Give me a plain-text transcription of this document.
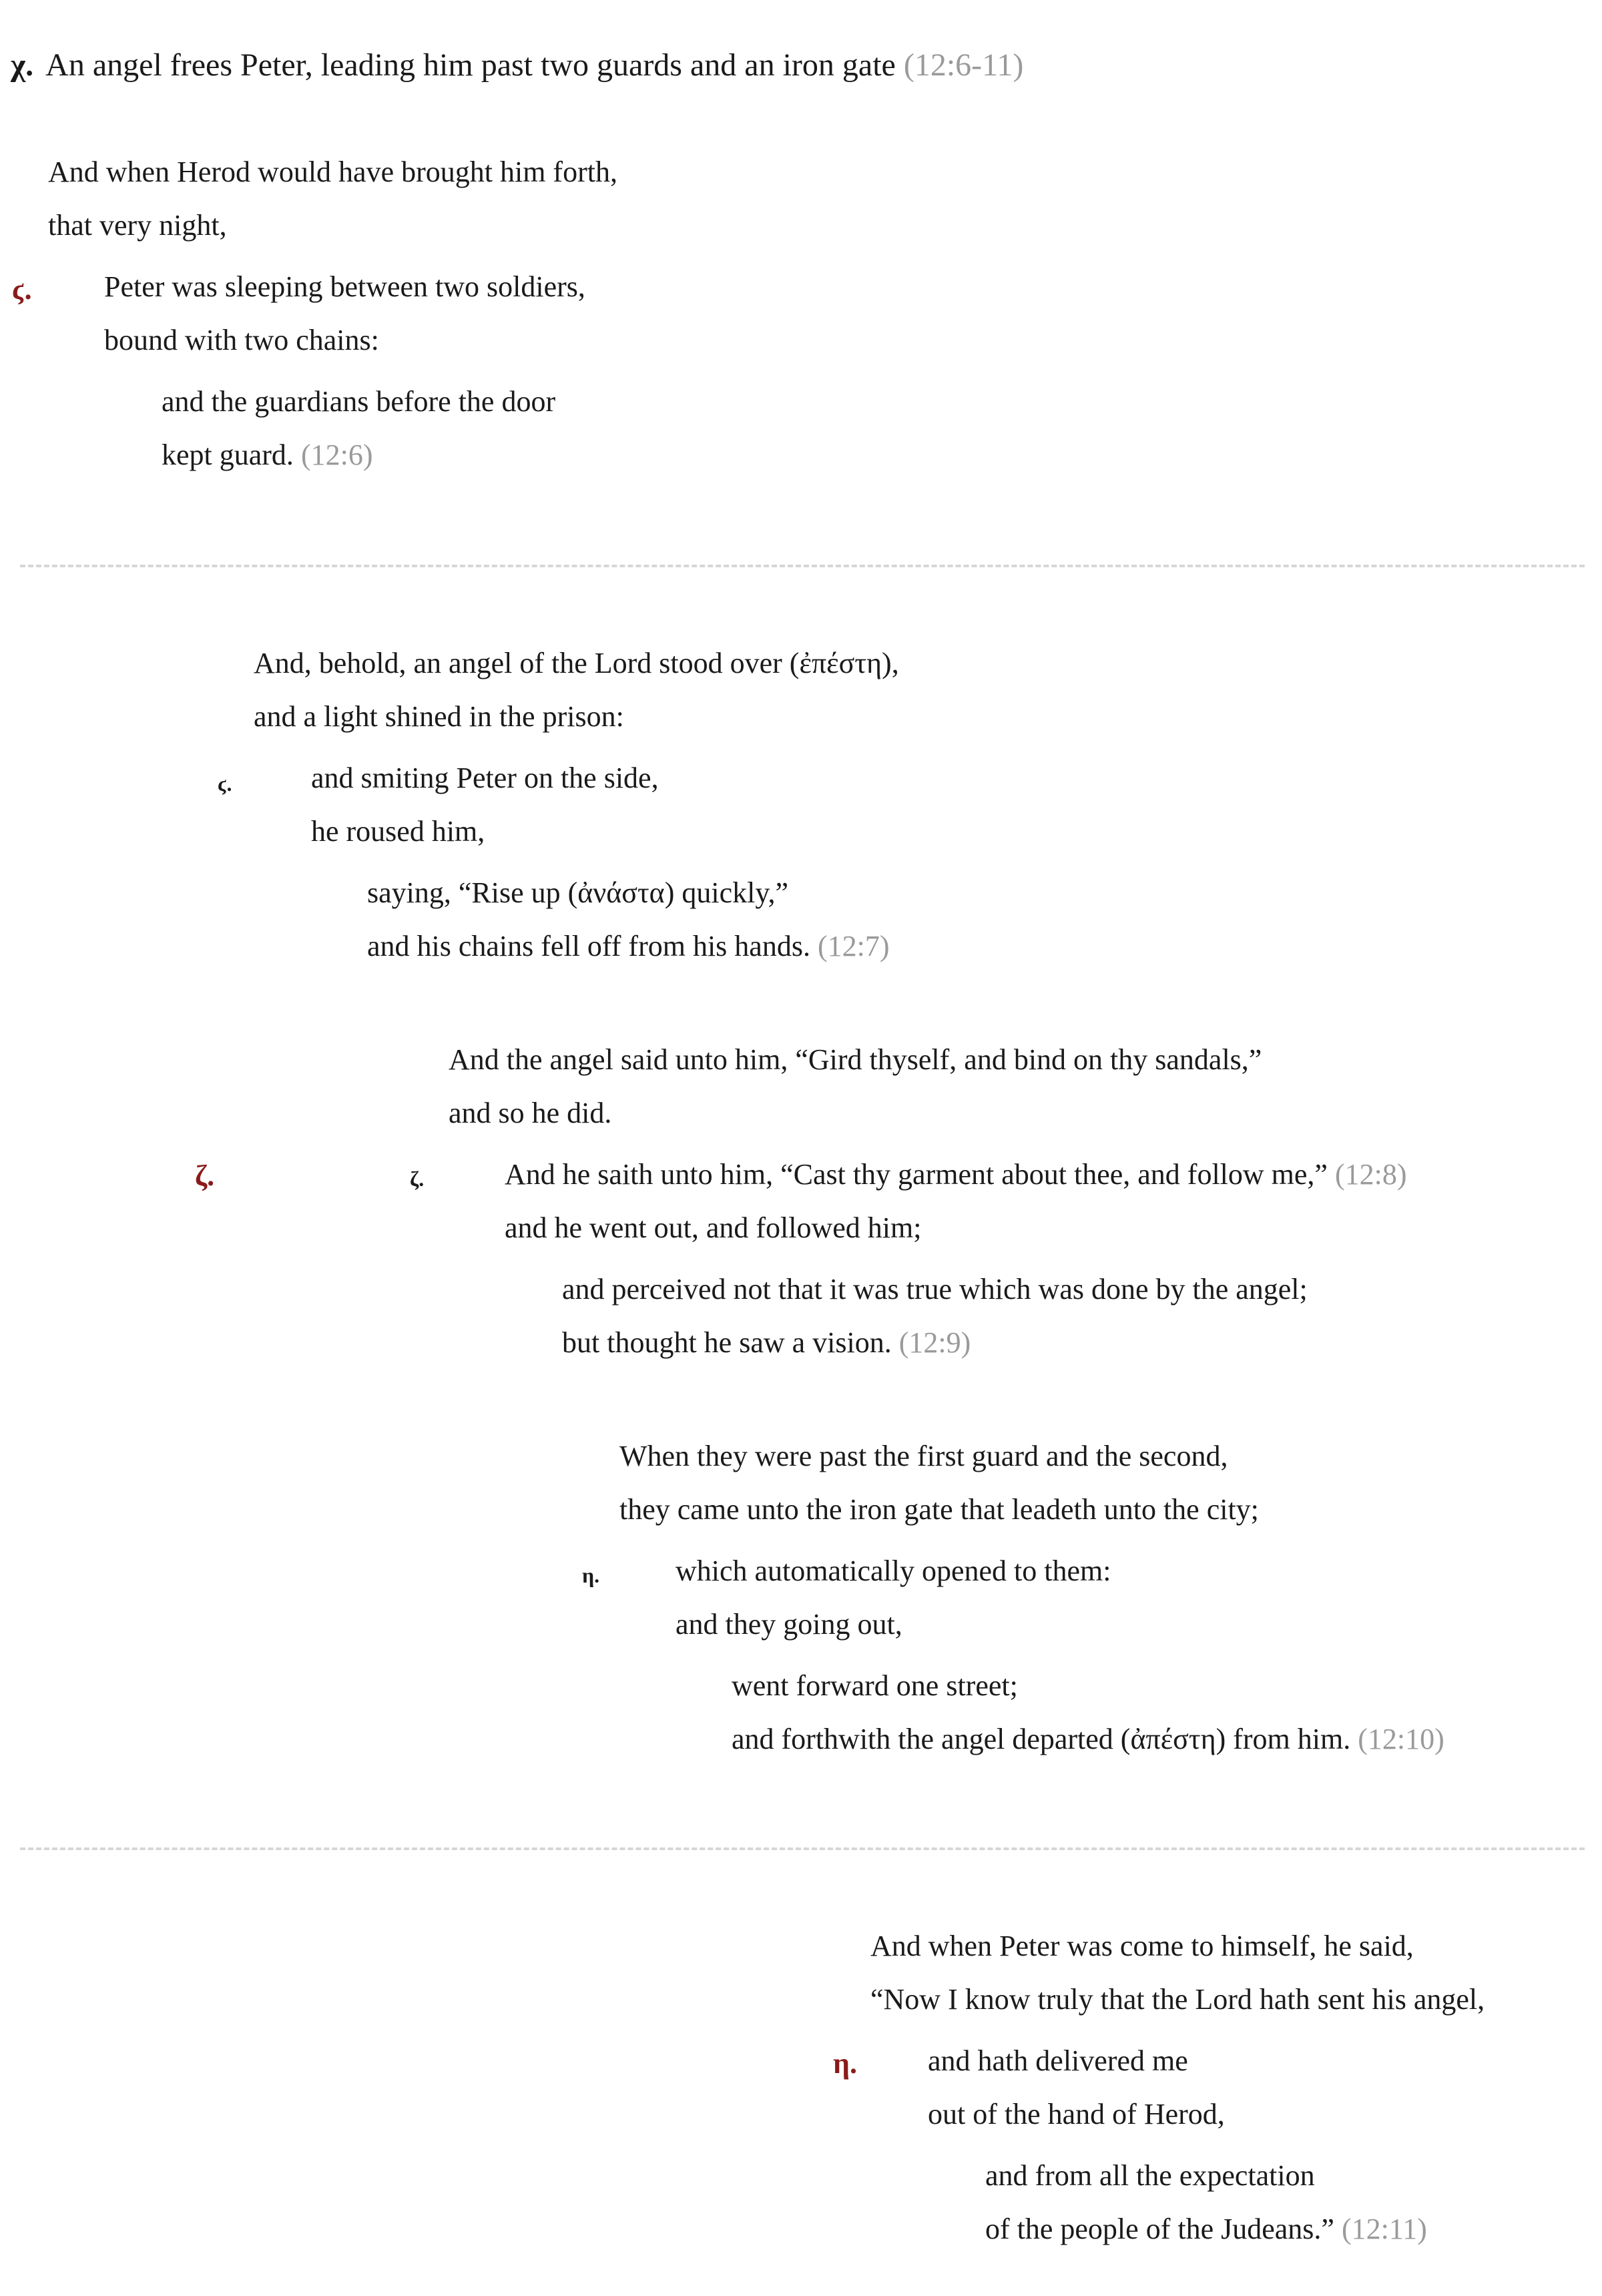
χ. An angel frees Peter, leading him past two guards and an iron gate (12:6-11)
And when Herod would have brought him forth,
that very night,
ϛ. Peter was sleeping between two soldiers,
bound with two chains:
and the guardians before the door
kept guard. (12:6)
And, behold, an angel of the Lord stood over (ἐπέστη),
and a light shined in the prison:
ϛ.	and smiting Peter on the side,
he roused him,
saying, “Rise up (ἀνάστα) quickly,”
and his chains fell off from his hands. (12:7)
And the angel said unto him, “Gird thyself, and bind on thy sandals,”
and so he did.
ζ.	ζ.	And he saith unto him, “Cast thy garment about thee, and follow me,” (12:8)
and he went out, and followed him;
and perceived not that it was true which was done by the angel;
but thought he saw a vision. (12:9)
When they were past the first guard and the second,
they came unto the iron gate that leadeth unto the city;
η.	which automatically opened to them:
and they going out,
went forward one street;
and forthwith the angel departed (ἀπέστη) from him. (12:10)
And when Peter was come to himself, he said,
“Now I know truly that the Lord hath sent his angel,
η. and hath delivered me
out of the hand of Herod,
and from all the expectation
of the people of the Judeans.” (12:11)
